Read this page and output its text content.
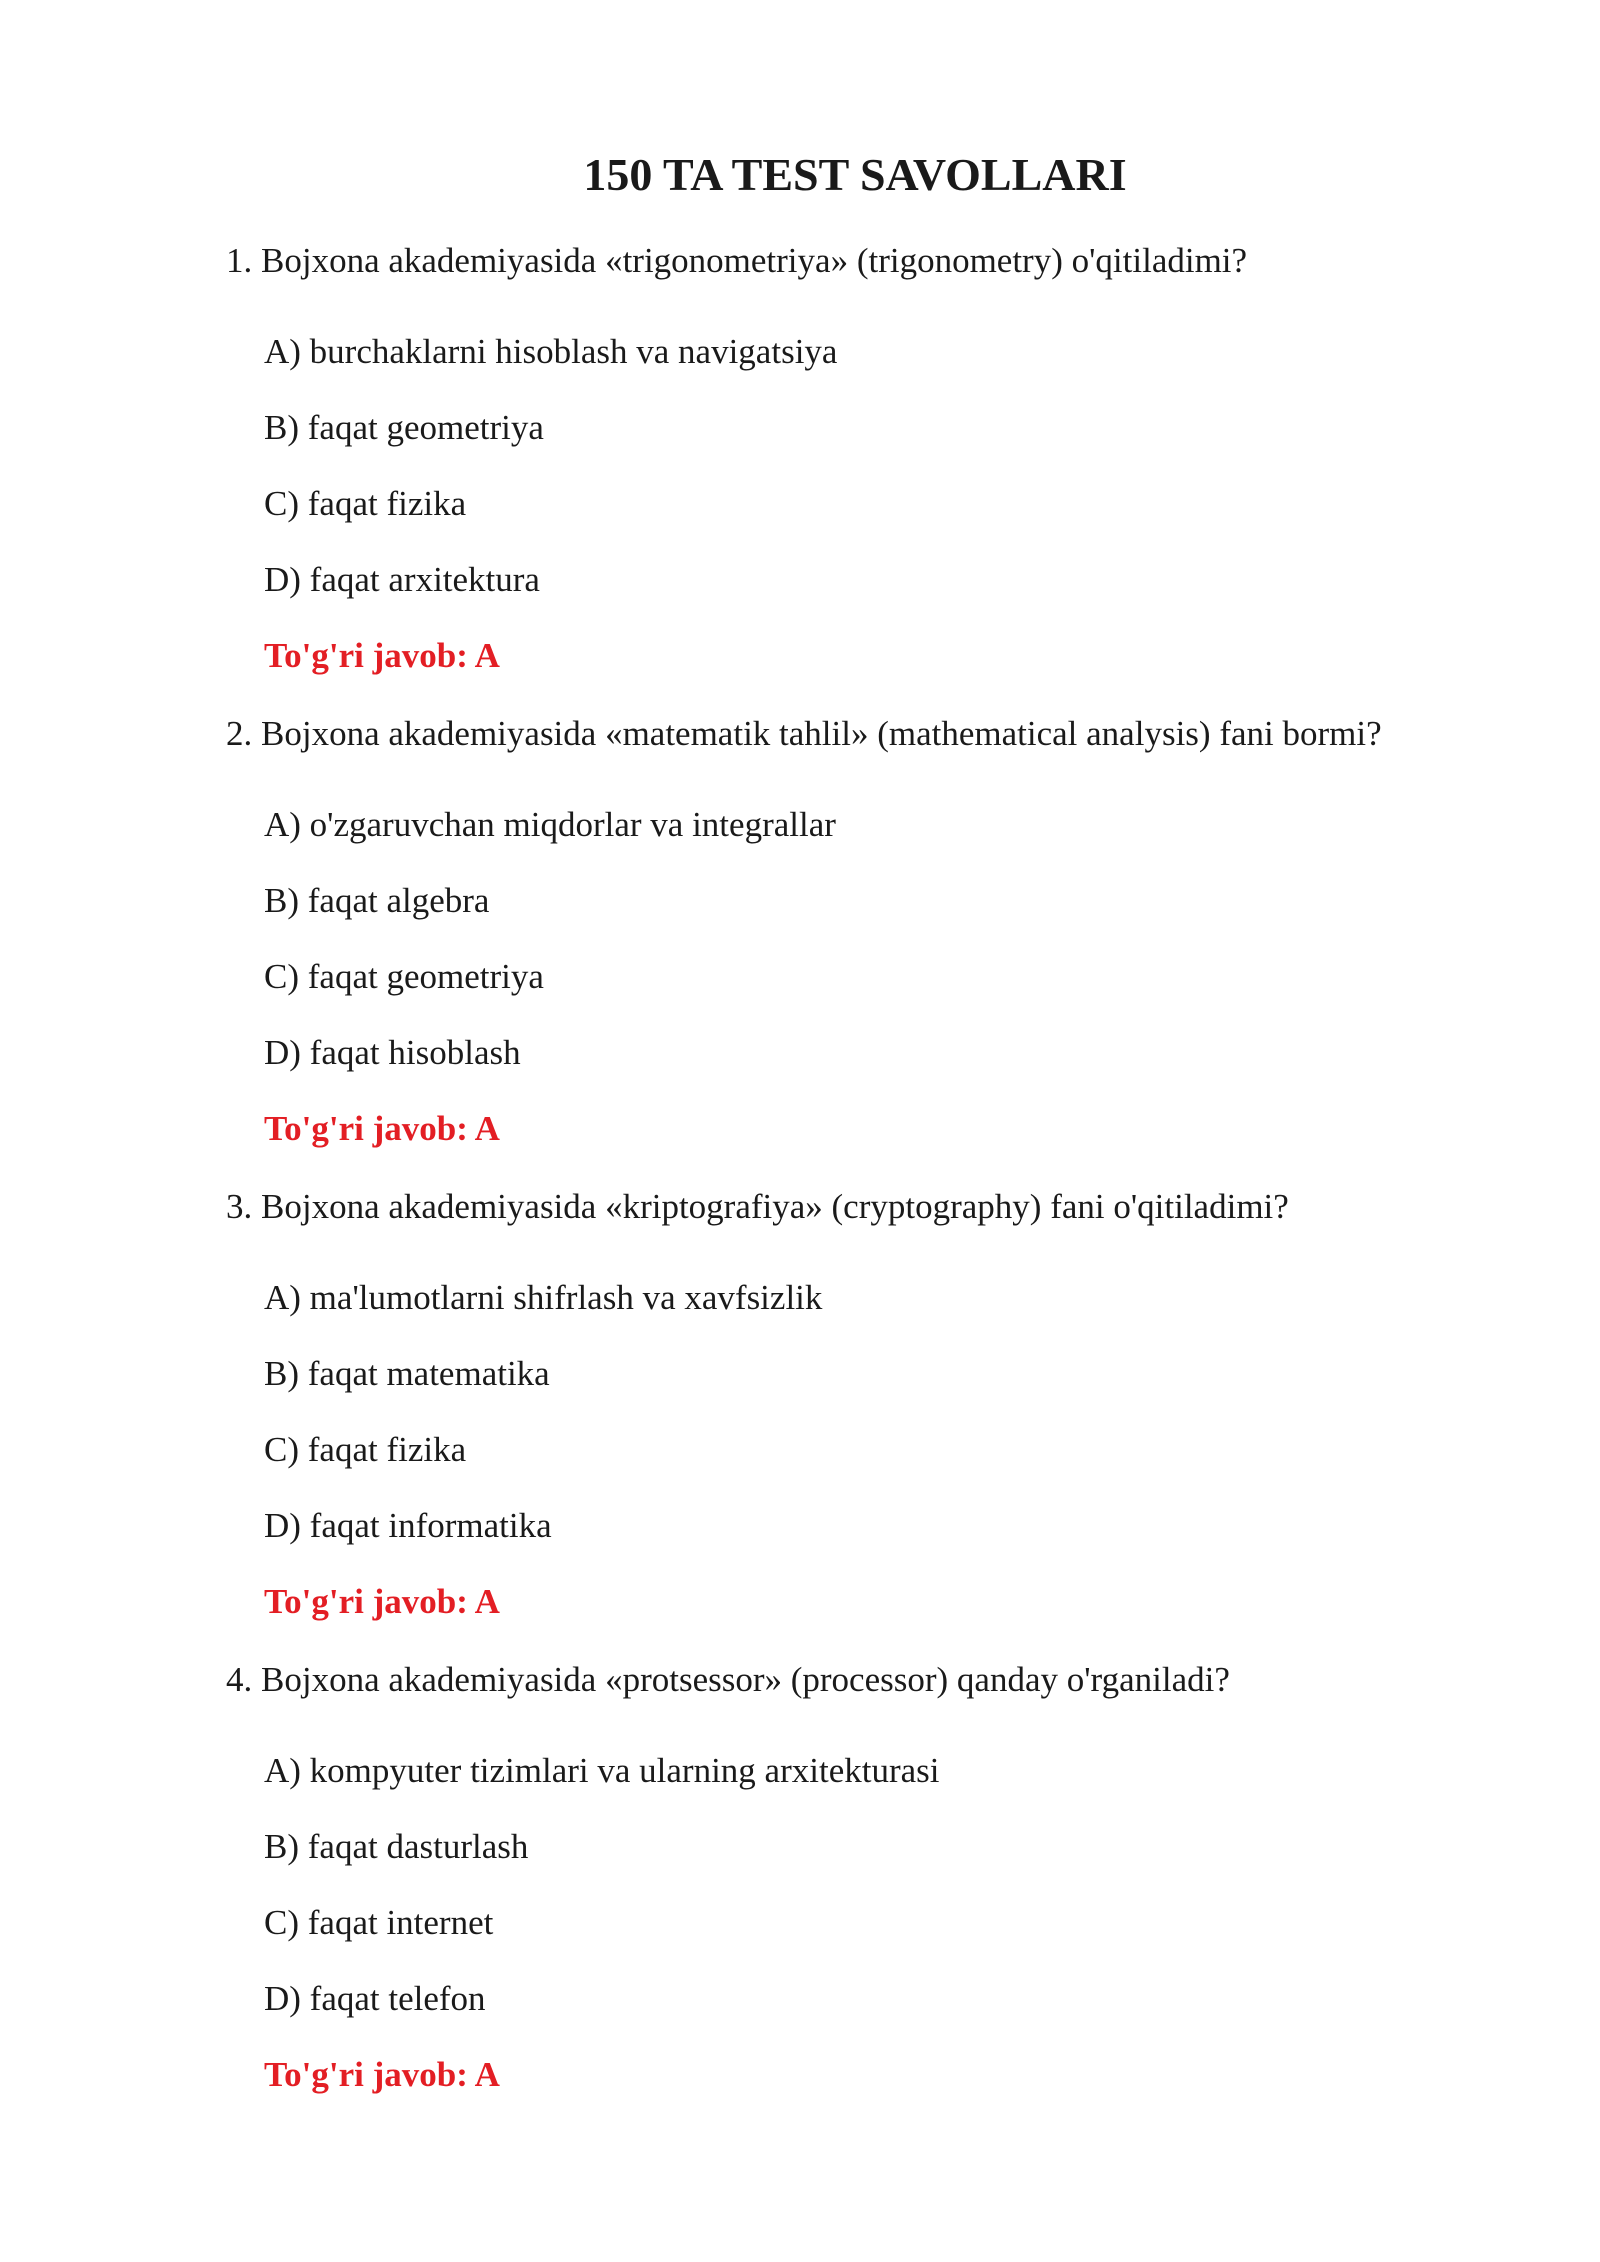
150 TA TEST SAVOLLARI

1. Bojxona akademiyasida «trigonometriya» (trigonometry) o'qitiladimi?

A) burchaklarni hisoblash va navigatsiya

B) faqat geometriya

C) faqat fizika

D) faqat arxitektura

To'g'ri javob: A

2. Bojxona akademiyasida «matematik tahlil» (mathematical analysis) fani bormi?

A) o'zgaruvchan miqdorlar va integrallar

B) faqat algebra

C) faqat geometriya

D) faqat hisoblash

To'g'ri javob: A

3. Bojxona akademiyasida «kriptografiya» (cryptography) fani o'qitiladimi?

A) ma'lumotlarni shifrlash va xavfsizlik

B) faqat matematika

C) faqat fizika

D) faqat informatika

To'g'ri javob: A

4. Bojxona akademiyasida «protsessor» (processor) qanday o'rganiladi?

A) kompyuter tizimlari va ularning arxitekturasi

B) faqat dasturlash

C) faqat internet

D) faqat telefon

To'g'ri javob: A
